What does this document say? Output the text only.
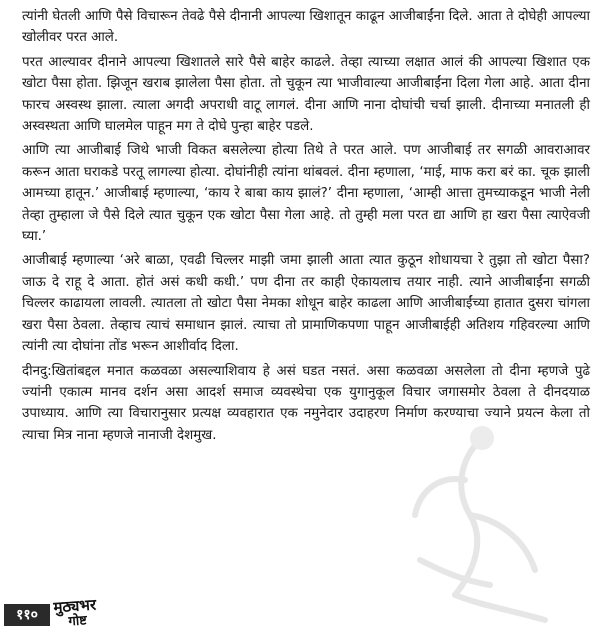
त्यांनी घेतली आणि पैसे विचारून तेवढे पैसे दीनानी आपल्या खिशातून काढून आजीबाईंना दिले. आता ते दोघेही आपल्या खोलीवर परत आले.

परत आल्यावर दीनाने आपल्या खिशातले सारे पैसे बाहेर काढले. तेव्हा त्याच्या लक्षात आलं की आपल्या खिशात एक खोटा पैसा होता. झिजून खराब झालेला पैसा होता. तो चुकून त्या भाजीवाल्या आजीबाईंना दिला गेला आहे. आता दीना फारच अस्वस्थ झाला. त्याला अगदी अपराधी वाटू लागलं. दीना आणि नाना दोघांची चर्चा झाली. दीनाच्या मनातली ही अस्वस्थता आणि घालमेल पाहून मग ते दोघे पुन्हा बाहेर पडले.

आणि त्या आजीबाई जिथे भाजी विकत बसलेल्या होत्या तिथे ते परत आले. पण आजीबाई तर सगळी आवराआवर करून आता घराकडे परतू लागल्या होत्या. दोघांनीही त्यांना थांबवलं. दीना म्हणाला, ‘माई, माफ करा बरं का. चूक झाली आमच्या हातून.’ आजीबाई म्हणाल्या, ‘काय रे बाबा काय झालं?’ दीना म्हणाला, ‘आम्ही आत्ता तुमच्याकडून भाजी नेली तेव्हा तुम्हाला जे पैसे दिले त्यात चुकून एक खोटा पैसा गेला आहे. तो तुम्ही मला परत द्या आणि हा खरा पैसा त्याऐवजी घ्या.’

आजीबाई म्हणाल्या ‘अरे बाळा, एवढी चिल्लर माझी जमा झाली आता त्यात कुठून शोधायचा रे तुझा तो खोटा पैसा? जाऊ दे राहू दे आता. होतं असं कधी कधी.’ पण दीना तर काही ऐकायलाच तयार नाही. त्याने आजीबाईंना सगळी चिल्लर काढायला लावली. त्यातला तो खोटा पैसा नेमका शोधून बाहेर काढला आणि आजीबाईंच्या हातात दुसरा चांगला खरा पैसा ठेवला. तेव्हाच त्याचं समाधान झालं. त्याचा तो प्रामाणिकपणा पाहून आजीबाईही अतिशय गहिवरल्या आणि त्यांनी त्या दोघांना तोंड भरून आशीर्वाद दिला.

दीनदु:खितांबद्दल मनात कळवळा असल्याशिवाय हे असं घडत नसतं. असा कळवळा असलेला तो दीना म्हणजे पुढे ज्यांनी एकात्म मानव दर्शन असा आदर्श समाज व्यवस्थेचा एक युगानुकूल विचार जगासमोर ठेवला ते दीनदयाळ उपाध्याय. आणि त्या विचारानुसार प्रत्यक्ष व्यवहारात एक नमुनेदार उदाहरण निर्माण करण्याचा ज्याने प्रयत्न केला तो त्याचा मित्र नाना म्हणजे नानाजी देशमुख.

११० मुठ्यभर
गोष्ट
